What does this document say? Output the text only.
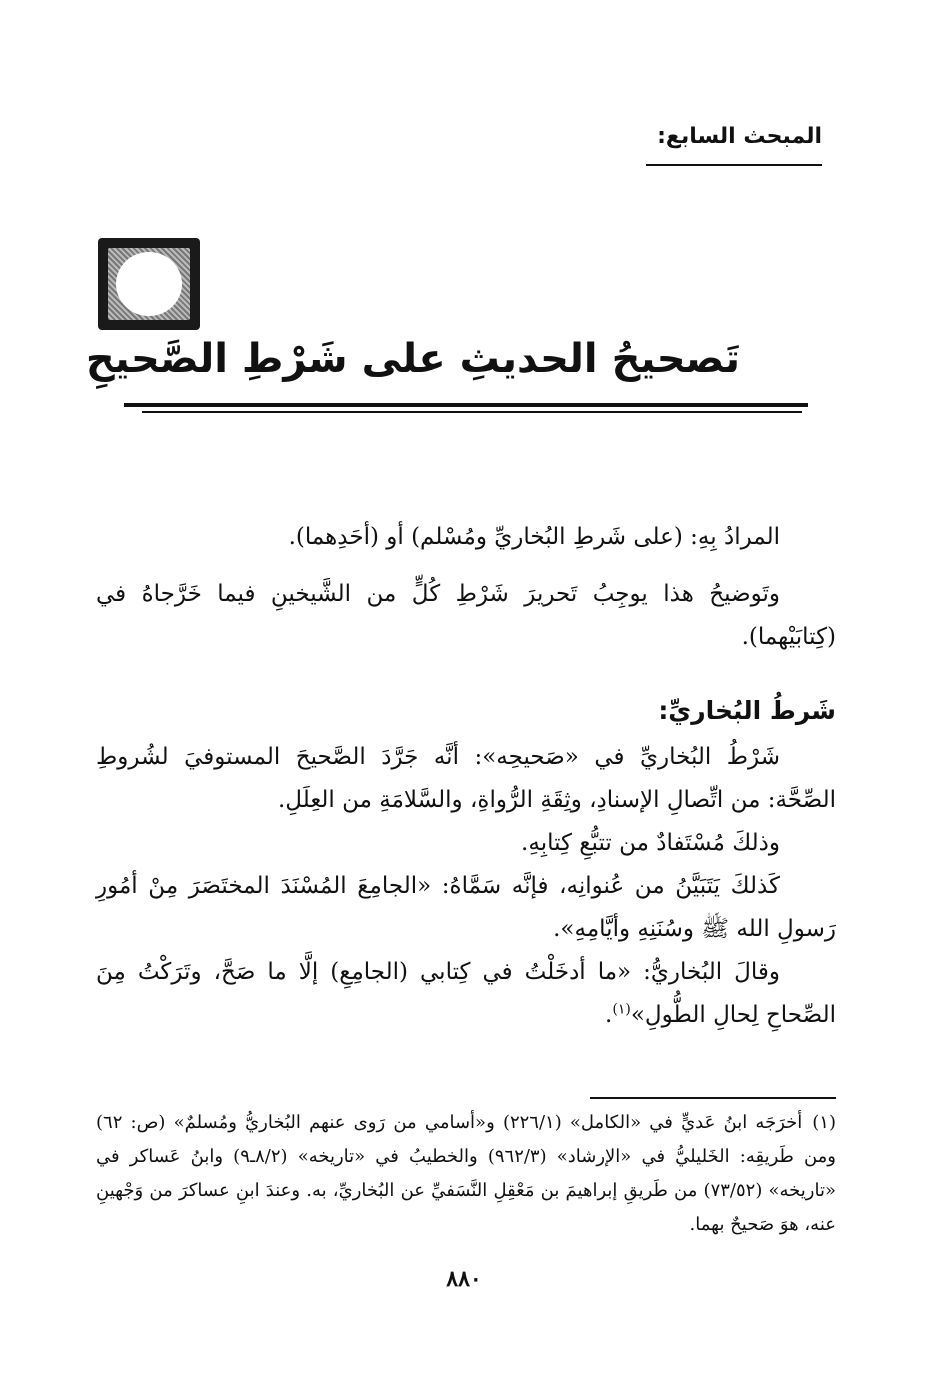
المبحث السابع:
تَصحيحُ الحديثِ على شَرْطِ الصَّحيحِ

المرادُ بِهِ: (على شَرطِ البُخاريِّ ومُسْلم) أو (أحَدِهما).

وتَوضيحُ هذا يوجِبُ تَحريرَ شَرْطِ كُلٍّ من الشَّيخينِ فيما خَرَّجاهُ في (كِتابَيْهما).

شَرطُ البُخاريِّ:

شَرْطُ البُخاريِّ في «صَحيحِه»: أنَّه جَرَّدَ الصَّحيحَ المستوفيَ لشُروطِ الصِّحَّة: من اتِّصالِ الإسنادِ، وثِقَةِ الرُّواةِ، والسَّلامَةِ من العِلَلِ.

وذلكَ مُسْتَفادٌ من تتبُّعِ كِتابِهِ.

كَذلكَ يَتَبَيَّنُ من عُنوانِه، فإنَّه سَمَّاهُ: «الجامِعَ المُسْنَدَ المختَصَرَ مِنْ أمُورِ رَسولِ الله ﷺ وسُنَنِهِ وأيَّامِهِ».

وقالَ البُخاريُّ: «ما أدخَلْتُ في كِتابي (الجامِعِ) إلَّا ما صَحَّ، وتَرَكْتُ مِنَ الصِّحاحِ لِحالِ الطُّولِ»$^{(١)}$.

(١)أخرَجَه ابنُ عَديٍّ في «الكامل» (٢٢٦/١) و«أسامي من رَوى عنهم البُخاريُّ ومُسلمٌ» (ص: ٦٢) ومن طَريقِه: الخَليليُّ في «الإرشاد» (٩٦٢/٣) والخطيبُ في «تاريخه» (٨/٢ـ٩) وابنُ عَساكر في «تاريخه» (٧٣/٥٢) من طَريقِ إبراهيمَ بن مَعْقِلِ النَّسَفيِّ عن البُخاريِّ، به. وعندَ ابنِ عساكرَ من وَجْهينِ عنه، هوَ صَحيحٌ بهما.
٨٨٠
